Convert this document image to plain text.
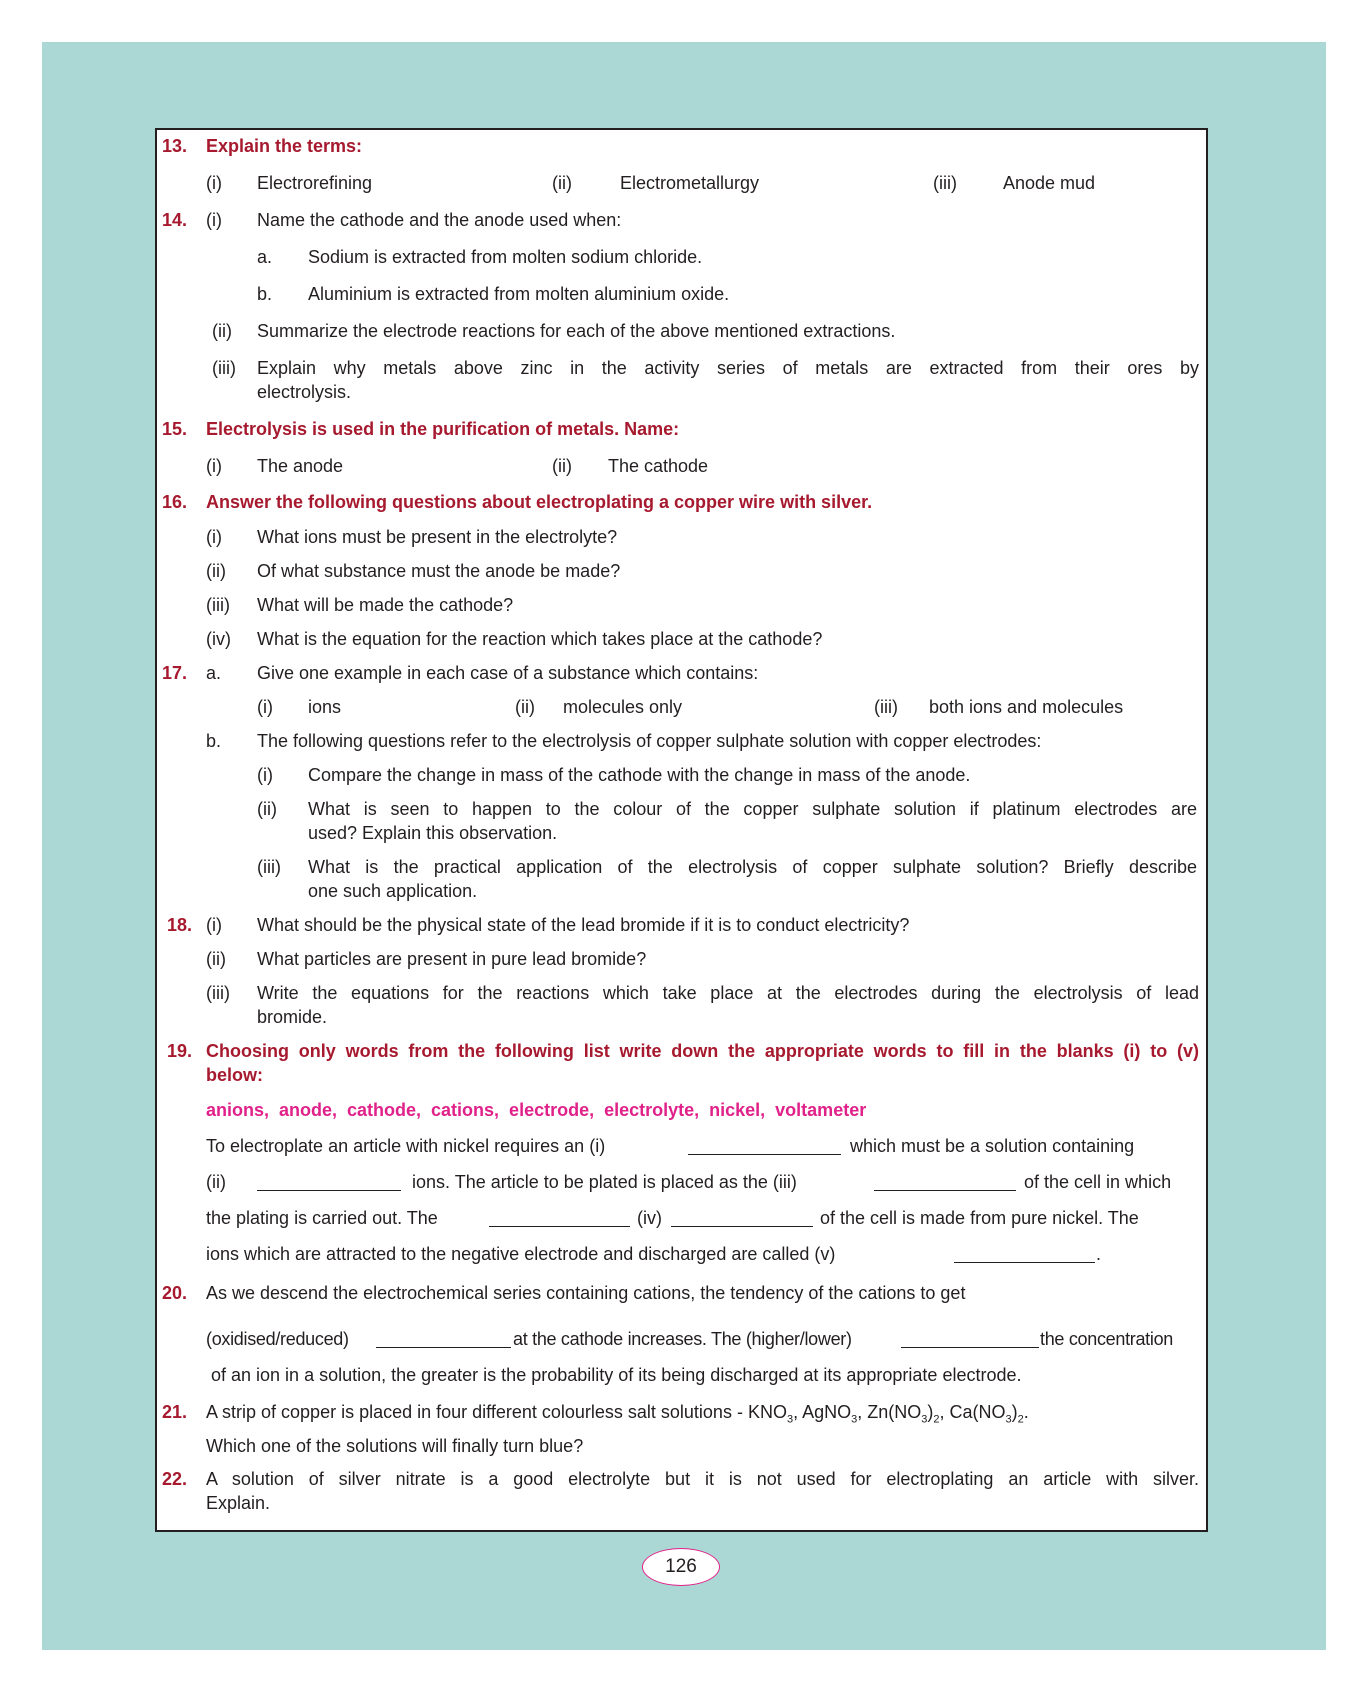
13. Explain the terms:
(i) Electrorefining	(ii)	Electrometallurgy	(iii)	Anode mud
14. (i) Name the cathode and the anode used when:
a. Sodium is extracted from molten sodium chloride.
b. Aluminium is extracted from molten aluminium oxide.
(ii) Summarize the electrode reactions for each of the above mentioned extractions.
(iii) Explain why metals above zinc in the activity series of metals are extracted from their ores by
electrolysis.
15. Electrolysis is used in the purification of metals. Name:
(i) The anode	(ii) The cathode
16. Answer the following questions about electroplating a copper wire with silver.
(i) What ions must be present in the electrolyte?
(ii) Of what substance must the anode be made?
(iii) What will be made the cathode?
(iv) What is the equation for the reaction which takes place at the cathode?
17. a. Give one example in each case of a substance which contains:
(i) ions	(ii) molecules only	(iii) both ions and molecules
b. The following questions refer to the electrolysis of copper sulphate solution with copper electrodes:
(i) Compare the change in mass of the cathode with the change in mass of the anode.
(ii) What is seen to happen to the colour of the copper sulphate solution if platinum electrodes are
used? Explain this observation.
(iii) What is the practical application of the electrolysis of copper sulphate solution? Briefly describe
one such application.
18. (i) What should be the physical state of the lead bromide if it is to conduct electricity?
(ii) What particles are present in pure lead bromide?
(iii) Write the equations for the reactions which take place at the electrodes during the electrolysis of lead
bromide.
19. Choosing only words from the following list write down the appropriate words to fill in the blanks (i) to (v)
below:
anions,  anode,  cathode,  cations,  electrode,  electrolyte,  nickel,  voltameter
To electroplate an article with nickel requires an (i)	which must be a solution containing
(ii)	ions. The article to be plated is placed as the (iii)	of the cell in which
the plating is carried out. The	(iv)	of the cell is made from pure nickel. The
ions which are attracted to the negative electrode and discharged are called (v)	.
20. As we descend the electrochemical series containing cations, the tendency of the cations to get
(oxidised/reduced)	at the cathode increases. The (higher/lower)	the concentration
of an ion in a solution, the greater is the probability of its being discharged at its appropriate electrode.
21. A strip of copper is placed in four different colourless salt solutions - $KNO_3$, AgNO$_3$, $Zn(NO_3)_2$, $Ca(NO_3)_2$.
Which one of the solutions will finally turn blue?
22. A solution of silver nitrate is a good electrolyte but it is not used for electroplating an article with silver.
Explain.
126
